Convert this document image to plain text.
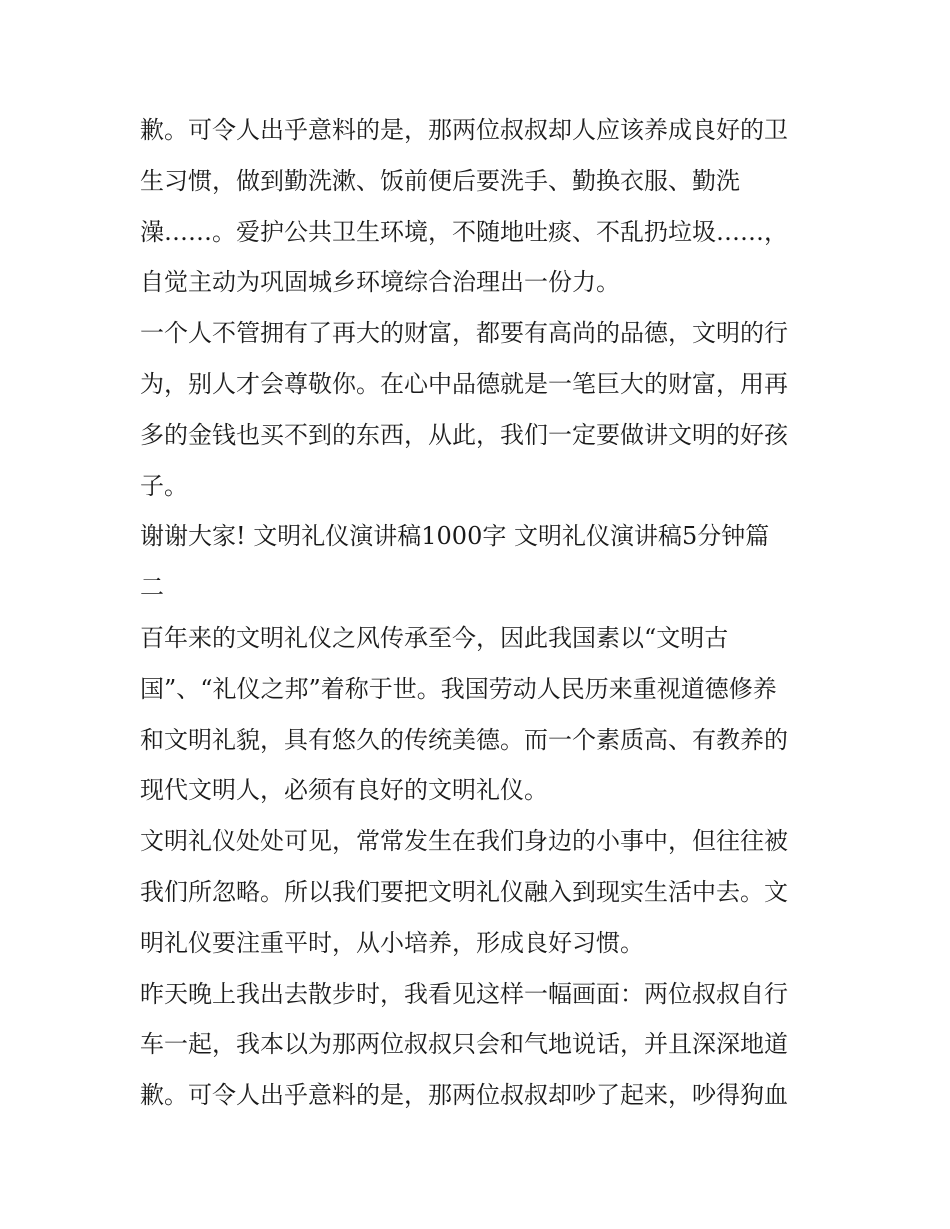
歉。可令人出乎意料的是，那两位叔叔却人应该养成良好的卫
生习惯，做到勤洗漱、饭前便后要洗手、勤换衣服、勤洗
澡……。爱护公共卫生环境，不随地吐痰、不乱扔垃圾……，
自觉主动为巩固城乡环境综合治理出一份力。
一个人不管拥有了再大的财富，都要有高尚的品德，文明的行
为，别人才会尊敬你。在心中品德就是一笔巨大的财富，用再
多的金钱也买不到的东西，从此，我们一定要做讲文明的好孩
子。
谢谢大家! 文明礼仪演讲稿1000字 文明礼仪演讲稿5分钟篇
二
百年来的文明礼仪之风传承至今，因此我国素以“文明古
国”、“礼仪之邦”着称于世。我国劳动人民历来重视道德修养
和文明礼貌，具有悠久的传统美德。而一个素质高、有教养的
现代文明人，必须有良好的文明礼仪。
文明礼仪处处可见，常常发生在我们身边的小事中，但往往被
我们所忽略。所以我们要把文明礼仪融入到现实生活中去。文
明礼仪要注重平时，从小培养，形成良好习惯。
昨天晚上我出去散步时，我看见这样一幅画面：两位叔叔自行
车一起，我本以为那两位叔叔只会和气地说话，并且深深地道
歉。可令人出乎意料的是，那两位叔叔却吵了起来，吵得狗血
